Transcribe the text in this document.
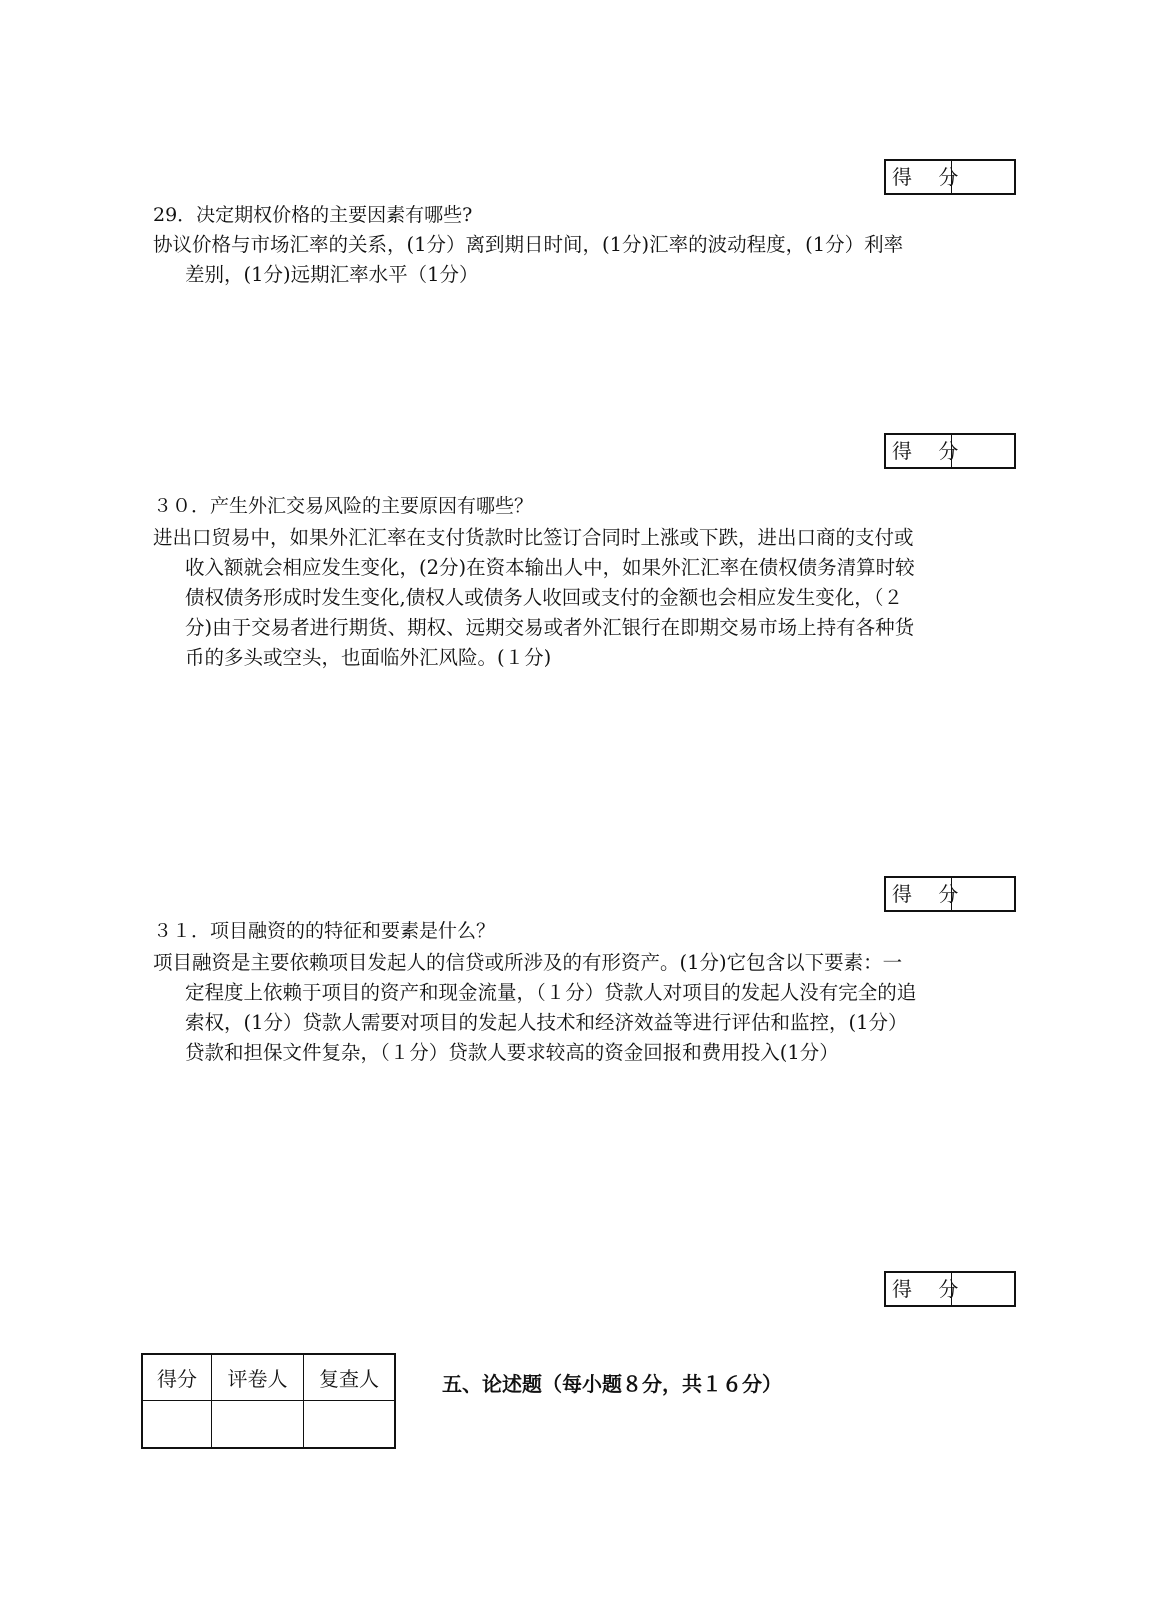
得 分
29．决定期权价格的主要因素有哪些?
协议价格与市场汇率的关系，(1分）离到期日时间，(1分)汇率的波动程度，(1分）利率
差别，(1分)远期汇率水平（1分）
得 分
３０．产生外汇交易风险的主要原因有哪些？
进出口贸易中，如果外汇汇率在支付货款时比签订合同时上涨或下跌，进出口商的支付或
收入额就会相应发生变化，(2分)在资本输出人中，如果外汇汇率在债权债务清算时较
债权债务形成时发生变化,债权人或债务人收回或支付的金额也会相应发生变化，（２
分)由于交易者进行期货、期权、远期交易或者外汇银行在即期交易市场上持有各种货
币的多头或空头，也面临外汇风险。(１分)
得 分
３１．项目融资的的特征和要素是什么？
项目融资是主要依赖项目发起人的信贷或所涉及的有形资产。(1分)它包含以下要素：一
定程度上依赖于项目的资产和现金流量，（１分）贷款人对项目的发起人没有完全的追
索权，(1分）贷款人需要对项目的发起人技术和经济效益等进行评估和监控，(1分）
贷款和担保文件复杂，（１分）贷款人要求较高的资金回报和费用投入(1分）
得 分
得分	评卷人	复查人
			五、论述题（每小题８分，共１６分）
